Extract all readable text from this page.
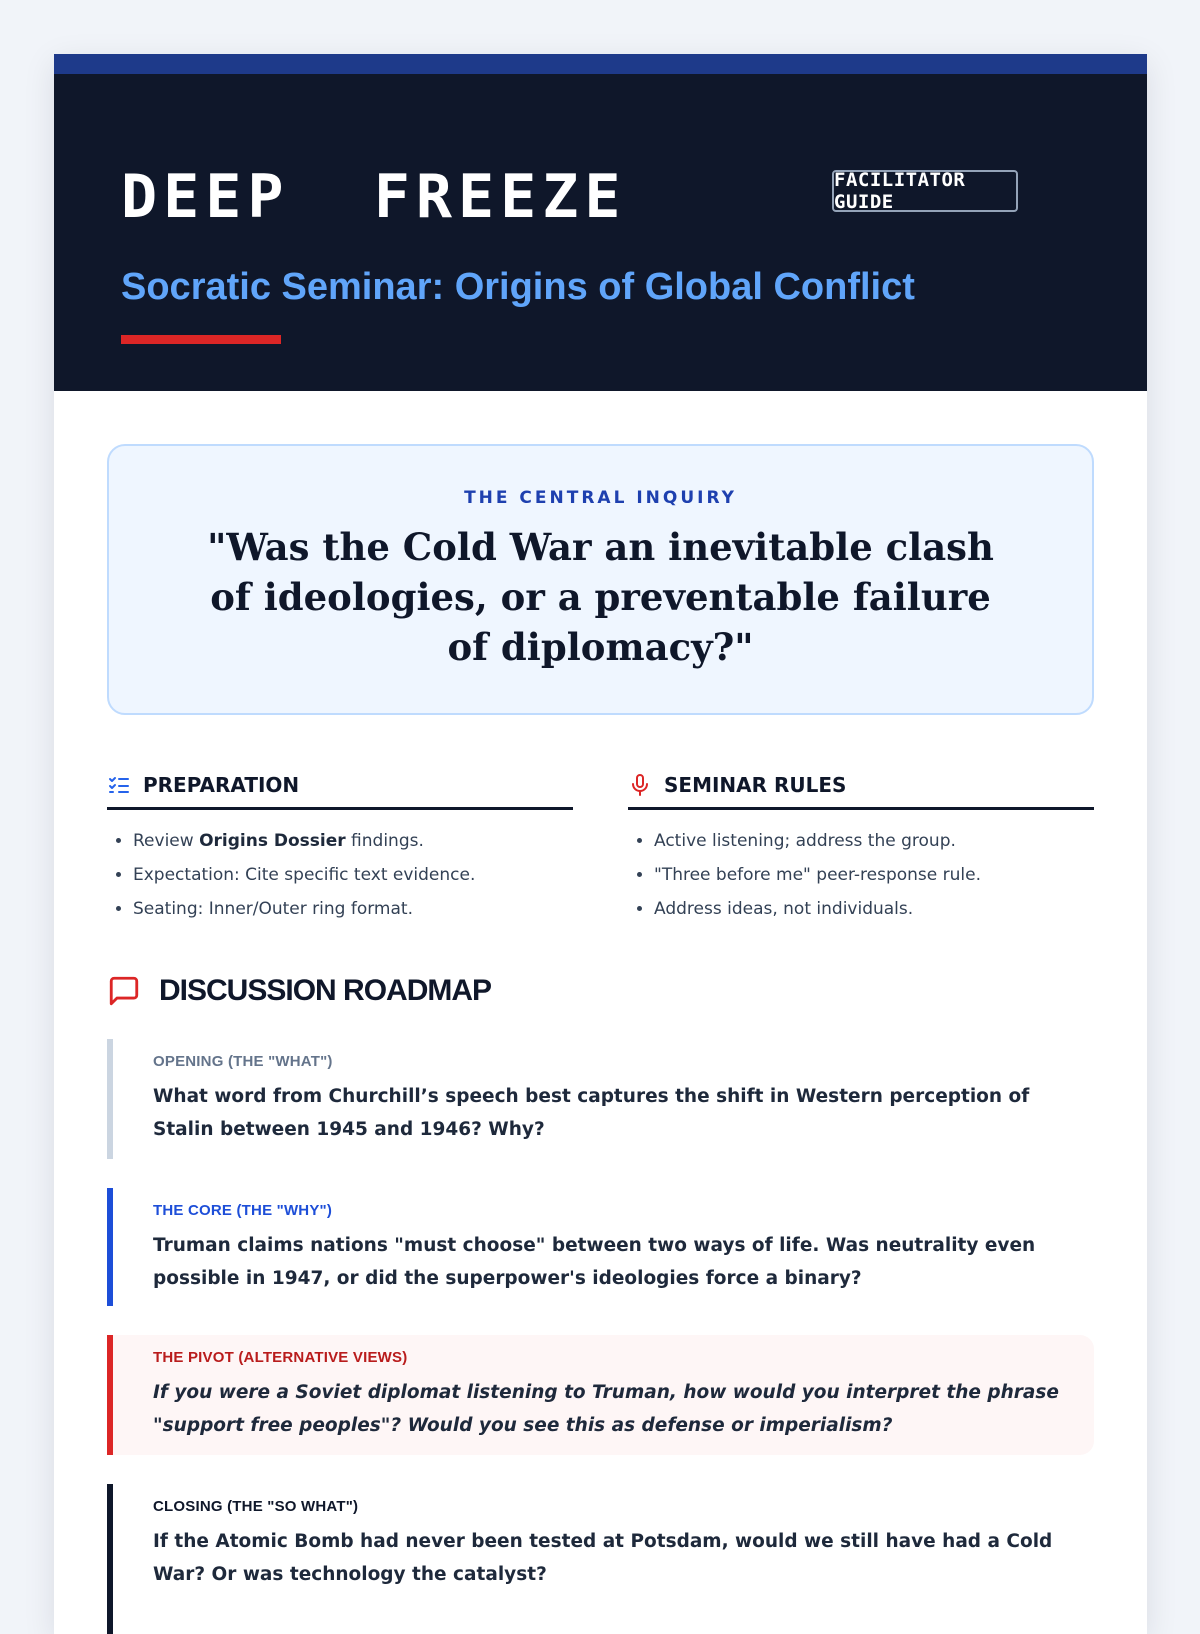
DEEP  FREEZE	FACILITATOR GUIDE
Socratic Seminar: Origins of Global Conflict
THE CENTRAL INQUIRY
"Was the Cold War an inevitable clash of ideologies, or a preventable failure of diplomacy?"
PREPARATION
• Review Origins Dossier findings.
• Expectation: Cite specific text evidence.
• Seating: Inner/Outer ring format.
SEMINAR RULES
• Active listening; address the group.
• "Three before me" peer-response rule.
• Address ideas, not individuals.
DISCUSSION ROADMAP
OPENING (THE "WHAT")
What word from Churchill’s speech best captures the shift in Western perception of Stalin between 1945 and 1946? Why?
THE CORE (THE "WHY")
Truman claims nations "must choose" between two ways of life. Was neutrality even possible in 1947, or did the superpower's ideologies force a binary?
THE PIVOT (ALTERNATIVE VIEWS)
If you were a Soviet diplomat listening to Truman, how would you interpret the phrase "support free peoples"? Would you see this as defense or imperialism?
CLOSING (THE "SO WHAT")
If the Atomic Bomb had never been tested at Potsdam, would we still have had a Cold War? Or was technology the catalyst?
